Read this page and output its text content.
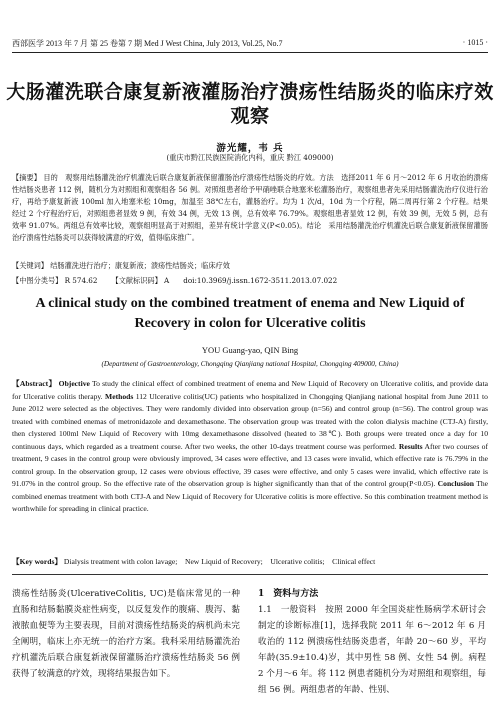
西部医学 2013 年 7 月 第 25 卷第 7 期 Med J West China, July 2013, Vol.25, No.7	· 1015 ·
大肠灌洗联合康复新液灌肠治疗溃疡性结肠炎的临床疗效观察
游光耀，韦 兵
(重庆市黔江民族医院消化内科，重庆 黔江 409000)
【摘要】 目的　观察用结肠灌洗治疗机灌洗后联合康复新液保留灌肠治疗溃疡性结肠炎的疗效。方法　选择2011 年 6 月～2012 年 6 月收治的溃疡性结肠炎患者 112 例，随机分为对照组和观察组各 56 例。对照组患者给予甲硝唑联合地塞米松灌肠治疗，观察组患者先采用结肠灌洗治疗仪进行治疗，再给予康复新液 100ml 加入地塞米松 10mg，加温至 38℃左右，灌肠治疗。均为 1 次/d，10d 为一个疗程，隔二周再行第 2 个疗程。结果　经过 2 个疗程治疗后，对照组患者显效 9 例，有效 34 例，无效 13 例，总有效率 76.79%。观察组患者显效 12 例，有效 39 例，无效 5 例，总有效率 91.07%。两组总有效率比较，观察组明显高于对照组，差异有统计学意义(P<0.05)。结论　采用结肠灌洗治疗机灌洗后联合康复新液保留灌肠治疗溃疡性结肠炎可以获得较满意的疗效，值得临床推广。
【关键词】 结肠灌洗进行治疗；康复新液；溃疡性结肠炎；临床疗效
【中图分类号】 R 574.62 【文献标识码】 A doi:10.3969/j.issn.1672-3511.2013.07.022
A clinical study on the combined treatment of enema and New Liquid of Recovery in colon for Ulcerative colitis
YOU Guang-yao, QIN Bing
(Department of Gastroenterology, Chongqing Qianjiang national Hospital, Chongqing 409000, China)
【Abstract】 Objective To study the clinical effect of combined treatment of enema and New Liquid of Recovery on Ulcerative colitis, and provide data for Ulcerative colitis therapy. Methods 112 Ulcerative colitis(UC) patients who hospitalized in Chongqing Qianjiang national hospital from June 2011 to June 2012 were selected as the objectives. They were randomly divided into observation group (n=56) and control group (n=56). The control group was treated with combined enemas of metronidazole and dexamethasone. The observation group was treated with the colon dialysis machine (CTJ-A) firstly, then clystered 100ml New Liquid of Recovery with 10mg dexamethasone dissolved (heated to 38℃). Both groups were treated once a day for 10 continuous days, which regarded as a treatment course. After two weeks, the other 10-days treatment course was performed. Results After two courses of treatment, 9 cases in the control group were obviously improved, 34 cases were effective, and 13 cases were invalid, which effective rate is 76.79% in the control group. In the observation group, 12 cases were obvious effective, 39 cases were effective, and only 5 cases were invalid, which effective rate is 91.07% in the control group. So the effective rate of the observation group is higher significantly than that of the control group(P<0.05). Conclusion The combined enemas treatment with both CTJ-A and New Liquid of Recovery for Ulcerative colitis is more effective. So this combination treatment method is worthwhile for spreading in clinical practice.
【Key words】 Dialysis treatment with colon lavage;　New Liquid of Recovery;　Ulcerative colitis;　Clinical effect
溃疡性结肠炎(UlcerativeColitis, UC)是临床常见的一种直肠和结肠黏膜炎症性病变，以反复发作的腹痛、腹泻、黏液脓血便等为主要表现，目前对溃疡性结肠炎的病机尚未完全阐明，临床上亦无统一的治疗方案。我科采用结肠灌洗治疗机灌洗后联合康复新液保留灌肠治疗溃疡性结肠炎 56 例获得了较满意的疗效，现将结果报告如下。
1　资料与方法
1.1　一般资料　按照 2000 年全国炎症性肠病学术研讨会制定的诊断标准[1]，选择我院 2011 年 6～2012 年 6 月收治的 112 例溃疡性结肠炎患者，年龄 20～60 岁，平均年龄(35.9±10.4)岁，其中男性 58 例、女性 54 例。病程 2 个月～6 年。将 112 例患者随机分为对照组和观察组，每组 56 例。两组患者的年龄、性别、
